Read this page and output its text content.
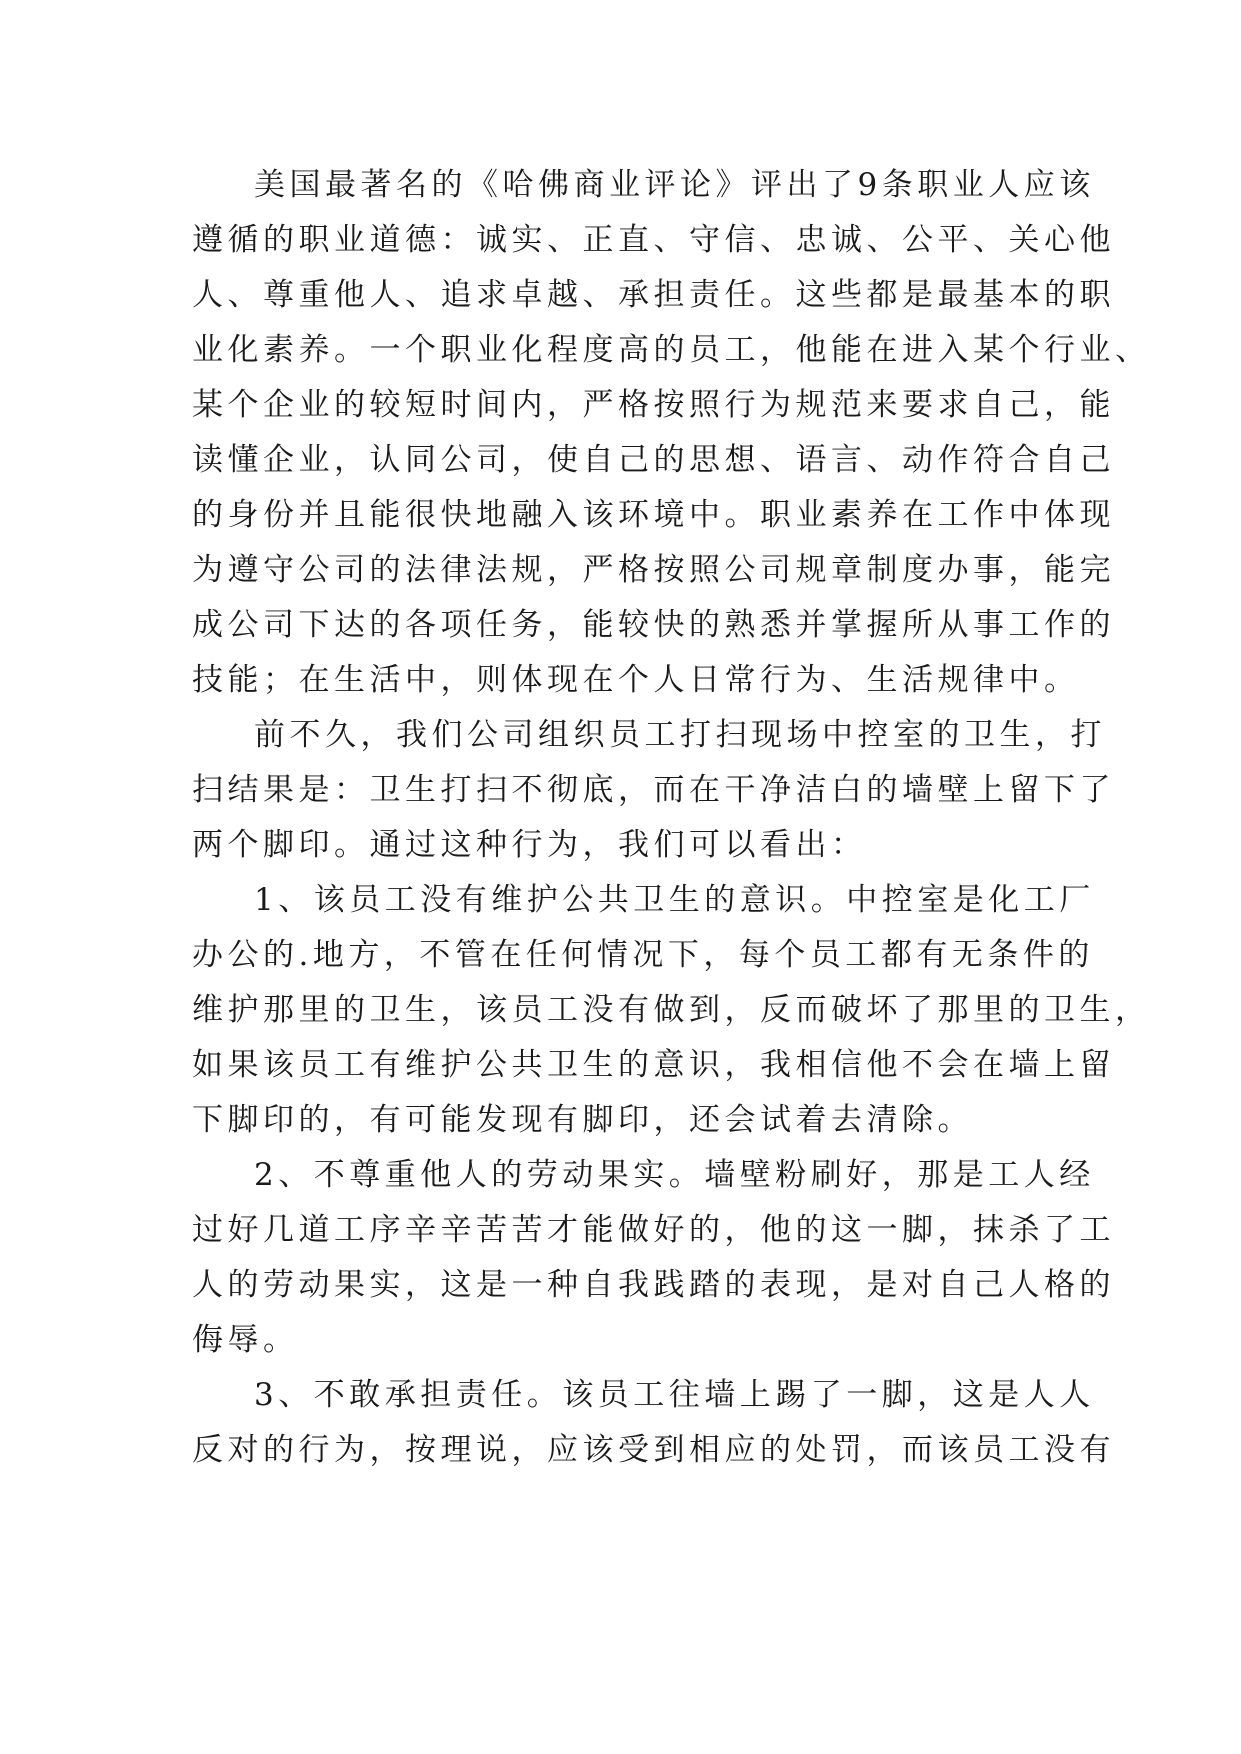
美国最著名的《哈佛商业评论》评出了9条职业人应该
遵循的职业道德：诚实、正直、守信、忠诚、公平、关心他
人、尊重他人、追求卓越、承担责任。这些都是最基本的职
业化素养。一个职业化程度高的员工，他能在进入某个行业、
某个企业的较短时间内，严格按照行为规范来要求自己，能
读懂企业，认同公司，使自己的思想、语言、动作符合自己
的身份并且能很快地融入该环境中。职业素养在工作中体现
为遵守公司的法律法规，严格按照公司规章制度办事，能完
成公司下达的各项任务，能较快的熟悉并掌握所从事工作的
技能；在生活中，则体现在个人日常行为、生活规律中。
前不久，我们公司组织员工打扫现场中控室的卫生，打
扫结果是：卫生打扫不彻底，而在干净洁白的墙壁上留下了
两个脚印。通过这种行为，我们可以看出：
1、该员工没有维护公共卫生的意识。中控室是化工厂
办公的.地方，不管在任何情况下，每个员工都有无条件的
维护那里的卫生，该员工没有做到，反而破坏了那里的卫生，
如果该员工有维护公共卫生的意识，我相信他不会在墙上留
下脚印的，有可能发现有脚印，还会试着去清除。
2、不尊重他人的劳动果实。墙壁粉刷好，那是工人经
过好几道工序辛辛苦苦才能做好的，他的这一脚，抹杀了工
人的劳动果实，这是一种自我践踏的表现，是对自己人格的
侮辱。
3、不敢承担责任。该员工往墙上踢了一脚，这是人人
反对的行为，按理说，应该受到相应的处罚，而该员工没有
